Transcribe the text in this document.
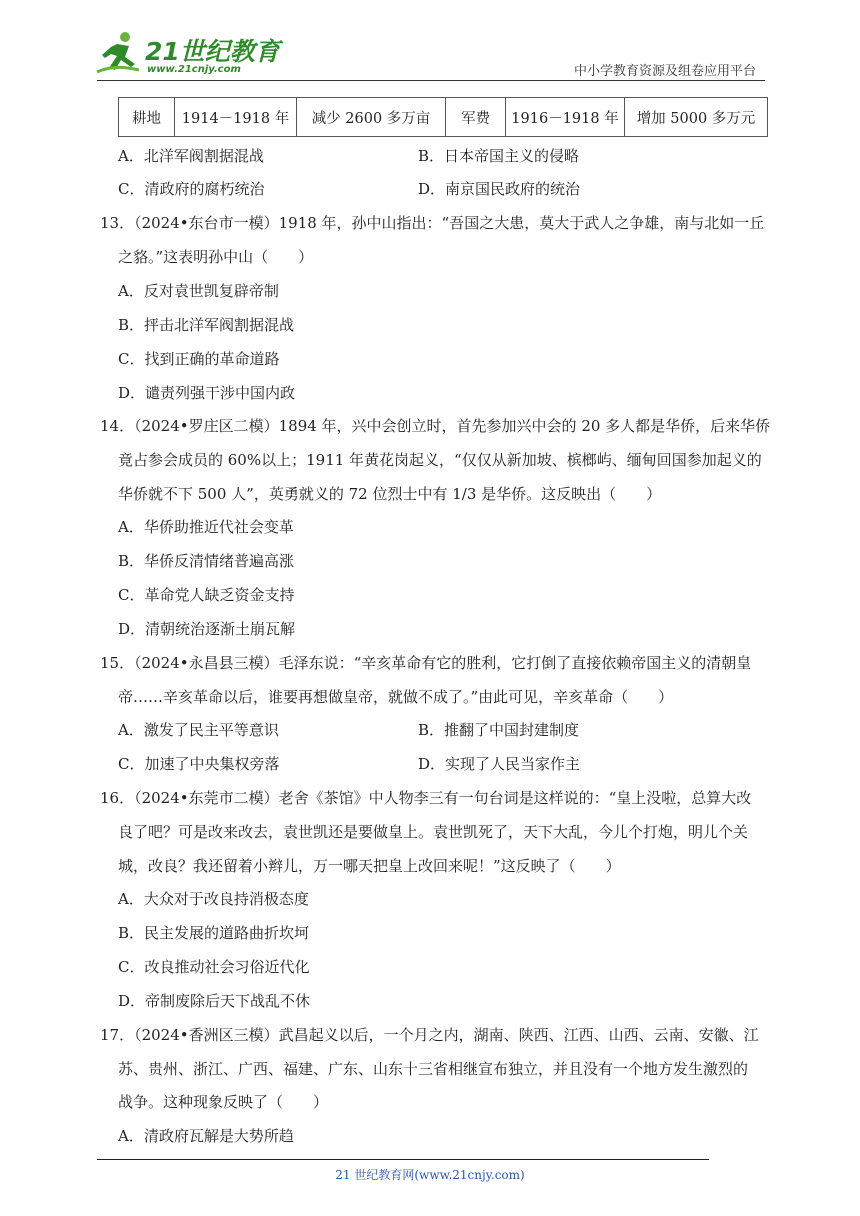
21世纪教育
www.21cnjy.com	中小学教育资源及组卷应用平台
耕地	1914－1918 年	减少 2600 多万亩	军费	1916－1918 年	增加 5000 多万元
A．北洋军阀割据混战	B．日本帝国主义的侵略
C．清政府的腐朽统治	D．南京国民政府的统治
13．（2024•东台市一模）1918 年，孙中山指出：“吾国之大患，莫大于武人之争雄，南与北如一丘
之貉。”这表明孙中山（　　）
A．反对袁世凯复辟帝制
B．抨击北洋军阀割据混战
C．找到正确的革命道路
D．谴责列强干涉中国内政
14．（2024•罗庄区二模）1894 年，兴中会创立时，首先参加兴中会的 20 多人都是华侨，后来华侨
竟占参会成员的 60%以上；1911 年黄花岗起义，“仅仅从新加坡、槟榔屿、缅甸回国参加起义的
华侨就不下 500 人”，英勇就义的 72 位烈士中有 1/3 是华侨。这反映出（　　）
A．华侨助推近代社会变革
B．华侨反清情绪普遍高涨
C．革命党人缺乏资金支持
D．清朝统治逐渐土崩瓦解
15．（2024•永昌县三模）毛泽东说：“辛亥革命有它的胜利，它打倒了直接依赖帝国主义的清朝皇
帝……辛亥革命以后，谁要再想做皇帝，就做不成了。”由此可见，辛亥革命（　　）
A．激发了民主平等意识	B．推翻了中国封建制度
C．加速了中央集权旁落	D．实现了人民当家作主
16．（2024•东莞市二模）老舍《茶馆》中人物李三有一句台词是这样说的：“皇上没啦，总算大改
良了吧？可是改来改去，袁世凯还是要做皇上。袁世凯死了，天下大乱，今儿个打炮，明儿个关
城，改良？我还留着小辫儿，万一哪天把皇上改回来呢！”这反映了（　　）
A．大众对于改良持消极态度
B．民主发展的道路曲折坎坷
C．改良推动社会习俗近代化
D．帝制废除后天下战乱不休
17．（2024•香洲区三模）武昌起义以后，一个月之内，湖南、陕西、江西、山西、云南、安徽、江
苏、贵州、浙江、广西、福建、广东、山东十三省相继宣布独立，并且没有一个地方发生激烈的
战争。这种现象反映了（　　）
A．清政府瓦解是大势所趋
21 世纪教育网(www.21cnjy.com)
